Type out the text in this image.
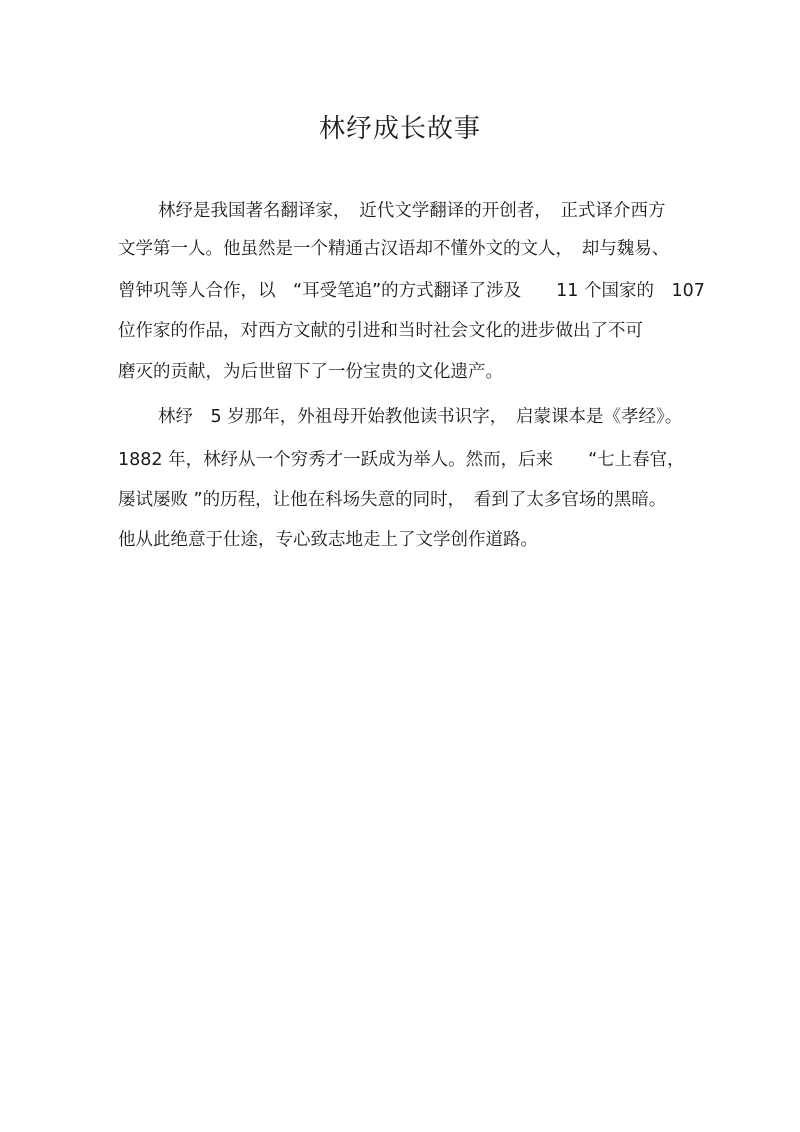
林纾成长故事
林纾是我国著名翻译家，　近代文学翻译的开创者，　正式译介西方
文学第一人。他虽然是一个精通古汉语却不懂外文的文人，　却与魏易、
曾钟巩等人合作，以　“耳受笔追”的方式翻译了涉及　　11 个国家的　107
位作家的作品，对西方文献的引进和当时社会文化的进步做出了不可
磨灭的贡献，为后世留下了一份宝贵的文化遗产。
林纾　5 岁那年，外祖母开始教他读书识字，　启蒙课本是《孝经》。
1882 年，林纾从一个穷秀才一跃成为举人。然而，后来　　“七上春官，
屡试屡败 ”的历程，让他在科场失意的同时，　看到了太多官场的黑暗。
他从此绝意于仕途，专心致志地走上了文学创作道路。
